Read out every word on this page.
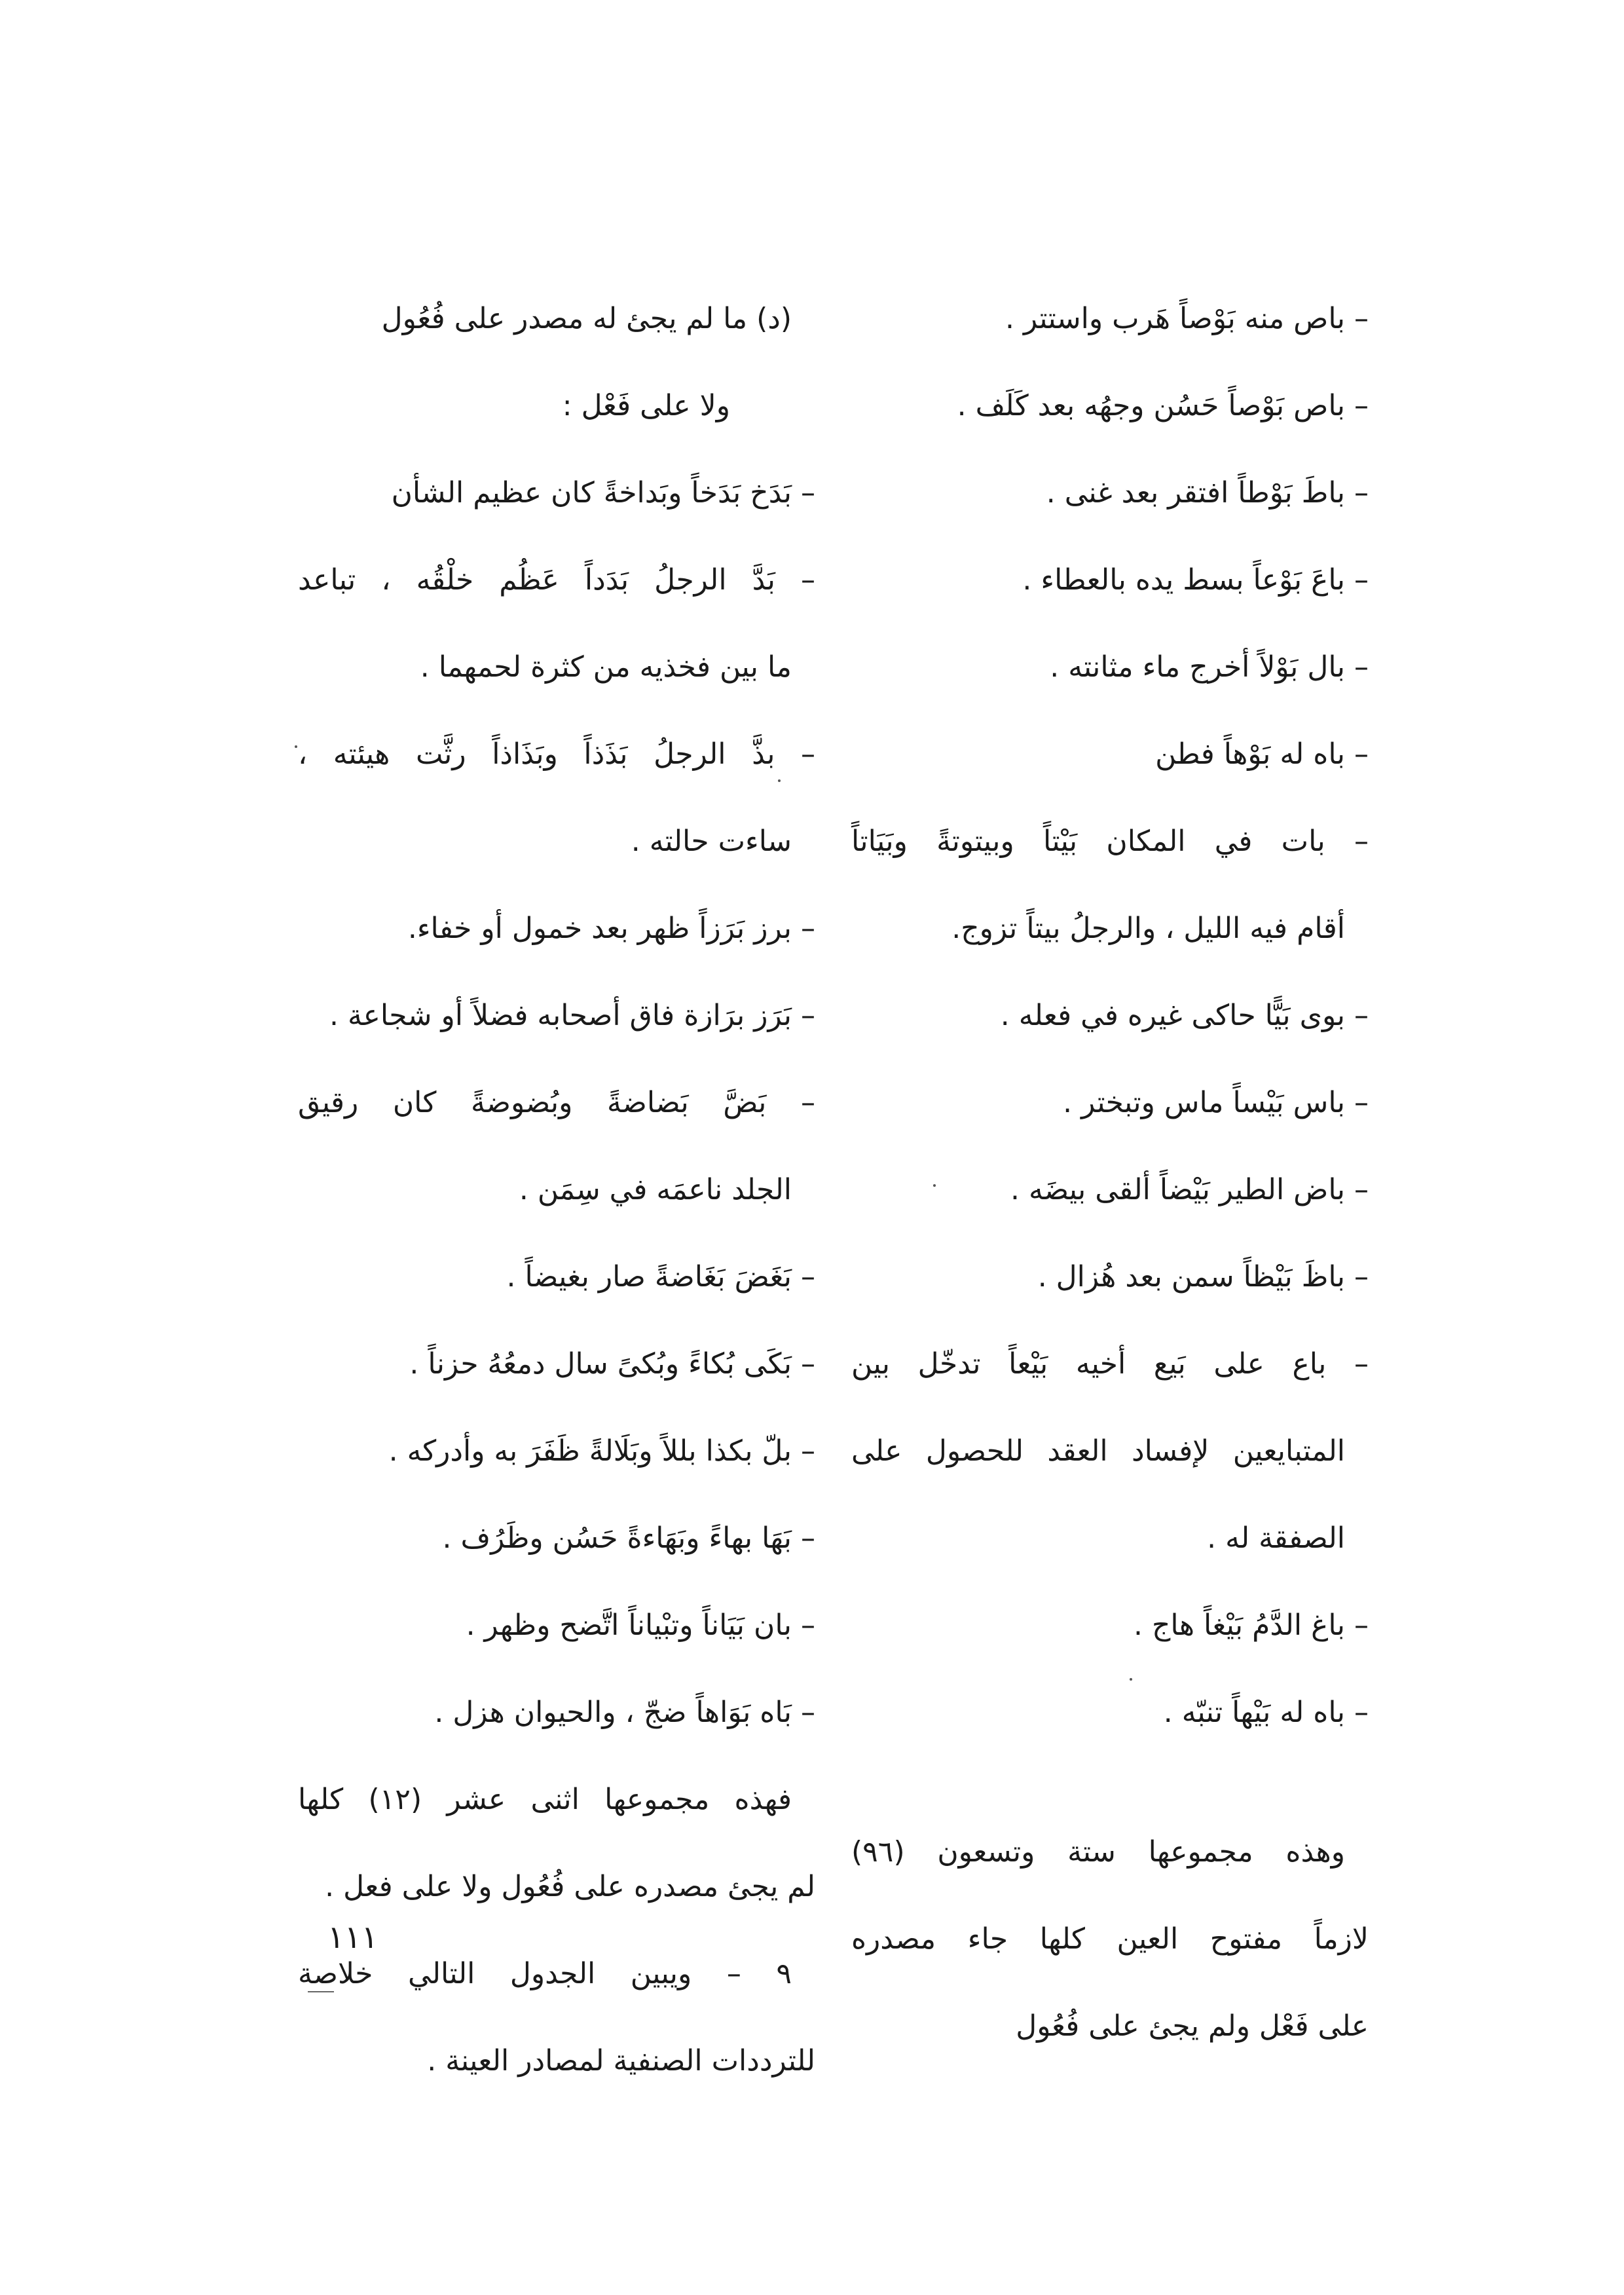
– باص منه بَوْصاً هَرب واستتر .
– باص بَوْصاً حَسُن وجهُه بعد كَلَف .
– باطَ بَوْطاً افتقر بعد غنى .
– باعَ بَوْعاً بسط يده بالعطاء .
– بال بَوْلاً أخرج ماء مثانته .
– باه له بَوْهاً فطن
– بات في المكان بَيْتاً وبيتوتةً وبَيَاتاً
أقام فيه الليل ، والرجلُ بيتاً تزوج.
– بوى بَيًّا حاكى غيره في فعله .
– باس بَيْساً ماس وتبختر .
– باض الطير بَيْضاً ألقى بيضَه .
– باظَ بَيْظاً سمن بعد هُزال .
– باع على بَيع أخيه بَيْعاً تدخّل بين
المتبايعين لإفساد العقد للحصول على
الصفقة له .
– باغ الدَّمُ بَيْغاً هاج .
– باه له بَيْهاً تنبّه .
وهذه مجموعها ستة وتسعون (٩٦)
لازماً مفتوح العين كلها جاء مصدره
على فَعْل ولم يجئ على فُعُول
(د) ما لم يجئ له مصدر على فُعُول
ولا على فَعْل :
– بَدَخ بَدَخاً وبَداخةً كان عظيم الشأن
– بَدَّ الرجلُ بَدَداً عَظُم خلْقُه ، تباعد
ما بين فخذيه من كثرة لحمهما .
– بذَّ الرجلُ بَذَذاً وبَذَاذاً رثَّت هيئته ،
ساءت حالته .
– برز بَرَزاً ظهر بعد خمول أو خفاء.
– بَرَز برَازة فاق أصحابه فضلاً أو شجاعة .
– بَضَّ بَضاضةً وبُضوضةً كان رقيق
الجلد ناعمَه في سِمَن .
– بَغَضَ بَغَاضةً صار بغيضاً .
– بَكَى بُكاءً وبُكىً سال دمعُهُ حزناً .
– بلّ بكذا بللاً وبَلَالةً ظَفَرَ به وأدركه .
– بَهَا بهاءً وبَهَاءةً حَسُن وظَرُف .
– بان بَيَاناً وتبْياناً اتَّضح وظهر .
– بَاه بَوَاهاً ضجّ ، والحيوان هزل .
فهذه مجموعها اثنى عشر (١٢) كلها
لم يجئ مصدره على فُعُول ولا على فعل .
٩ – ويبين الجدول التالي خلاصة
للترددات الصنفية لمصادر العينة .
١١١
